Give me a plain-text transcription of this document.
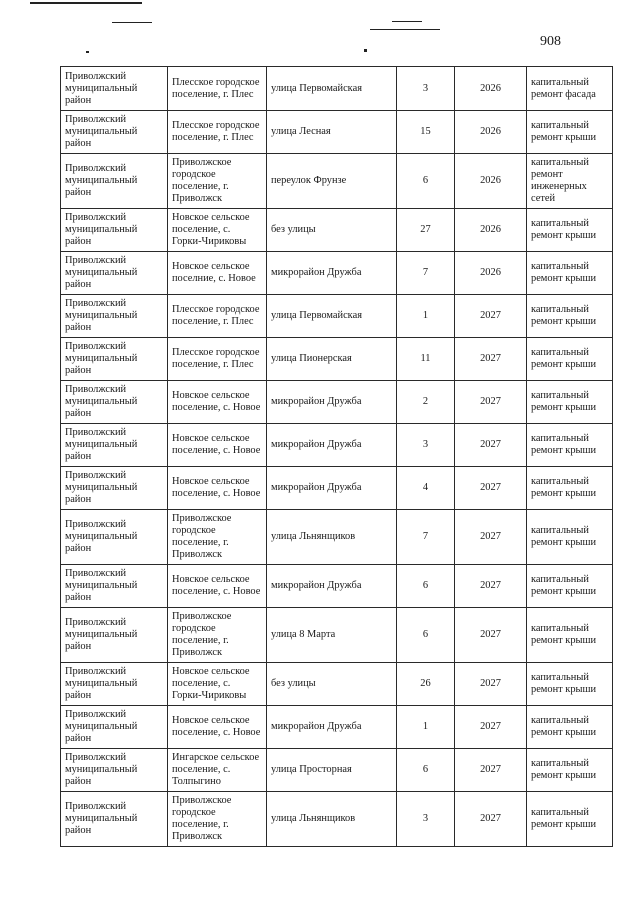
908
Приволжский муниципальный район	Плесское городское поселение, г. Плес	улица Первомайская	3	2026	капитальный ремонт фасада
Приволжский муниципальный район	Плесское городское поселение, г. Плес	улица Лесная	15	2026	капитальный ремонт крыши
Приволжский муниципальный район	Приволжское городское поселение, г. Приволжск	переулок Фрунзе	6	2026	капитальный ремонт инженерных сетей
Приволжский муниципальный район	Новское сельское поселение, с. Горки-Чириковы	без улицы	27	2026	капитальный ремонт крыши
Приволжский муниципальный район	Новское сельское поселние, с. Новое	микрорайон Дружба	7	2026	капитальный ремонт крыши
Приволжский муниципальный район	Плесское городское поселение, г. Плес	улица Первомайская	1	2027	капитальный ремонт крыши
Приволжский муниципальный район	Плесское городское поселение, г. Плес	улица Пионерская	11	2027	капитальный ремонт крыши
Приволжский муниципальный район	Новское сельское поселение, с. Новое	микрорайон Дружба	2	2027	капитальный ремонт крыши
Приволжский муниципальный район	Новское сельское поселение, с. Новое	микрорайон Дружба	3	2027	капитальный ремонт крыши
Приволжский муниципальный район	Новское сельское поселение, с. Новое	микрорайон Дружба	4	2027	капитальный ремонт крыши
Приволжский муниципальный район	Приволжское городское поселение, г. Приволжск	улица Льнянщиков	7	2027	капитальный ремонт крыши
Приволжский муниципальный район	Новское сельское поселение, с. Новое	микрорайон Дружба	6	2027	капитальный ремонт крыши
Приволжский муниципальный район	Приволжское городское поселение, г. Приволжск	улица 8 Марта	6	2027	капитальный ремонт крыши
Приволжский муниципальный район	Новское сельское поселение, с. Горки-Чириковы	без улицы	26	2027	капитальный ремонт крыши
Приволжский муниципальный район	Новское сельское поселение, с. Новое	микрорайон Дружба	1	2027	капитальный ремонт крыши
Приволжский муниципальный район	Ингарское сельское поселение, с. Толпыгино	улица Просторная	6	2027	капитальный ремонт крыши
Приволжский муниципальный район	Приволжское городское поселение, г. Приволжск	улица Льнянщиков	3	2027	капитальный ремонт крыши
